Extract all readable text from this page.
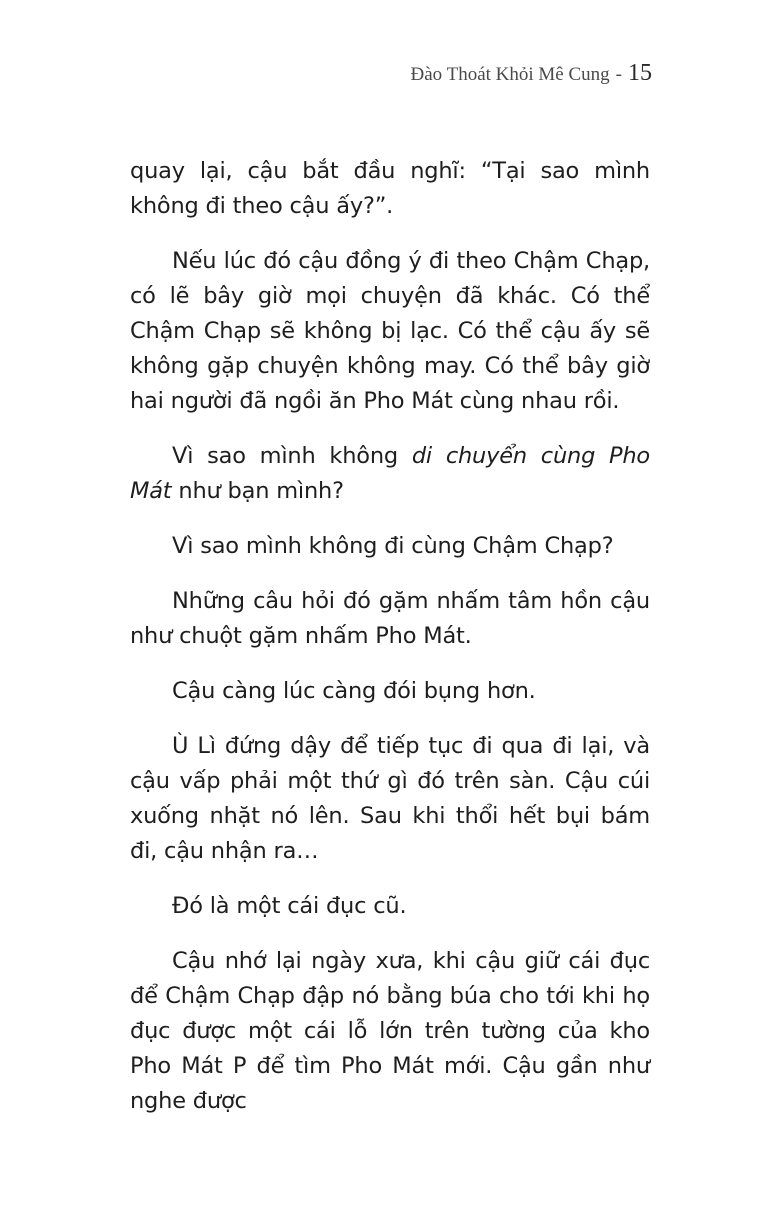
Đào Thoát Khỏi Mê Cung - 15

quay lại, cậu bắt đầu nghĩ: “Tại sao mình không đi theo cậu ấy?”.

Nếu lúc đó cậu đồng ý đi theo Chậm Chạp, có lẽ bây giờ mọi chuyện đã khác. Có thể Chậm Chạp sẽ không bị lạc. Có thể cậu ấy sẽ không gặp chuyện không may. Có thể bây giờ hai người đã ngồi ăn Pho Mát cùng nhau rồi.

Vì sao mình không di chuyển cùng Pho Mát như bạn mình?

Vì sao mình không đi cùng Chậm Chạp?

Những câu hỏi đó gặm nhấm tâm hồn cậu như chuột gặm nhấm Pho Mát.

Cậu càng lúc càng đói bụng hơn.

Ù Lì đứng dậy để tiếp tục đi qua đi lại, và cậu vấp phải một thứ gì đó trên sàn. Cậu cúi xuống nhặt nó lên. Sau khi thổi hết bụi bám đi, cậu nhận ra…

Đó là một cái đục cũ.

Cậu nhớ lại ngày xưa, khi cậu giữ cái đục để Chậm Chạp đập nó bằng búa cho tới khi họ đục được một cái lỗ lớn trên tường của kho Pho Mát P để tìm Pho Mát mới. Cậu gần như nghe được
